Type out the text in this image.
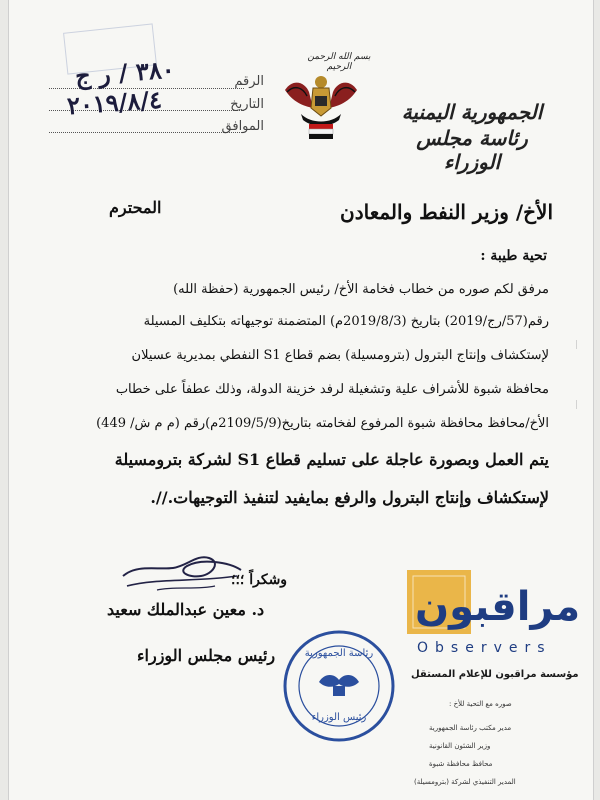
الجمهورية اليمنية
رئاسة مجلس الوزراء
بسم الله الرحمن الرحيم
الرقم
التاريخ
الموافق
٣٨٠ / ر ج
٢٠١٩/٨/٤
المحترم	الأخ/ وزير النفط والمعادن
تحية طيبة :
مرفق لكم صوره من خطاب فخامة الأخ/ رئيس الجمهورية (حفظة الله)
رقم(57/رج/2019) بتاريخ (2019/8/3م) المتضمنة توجيهاته بتكليف المسيلة
لإستكشاف وإنتاج البترول (بترومسيلة) بضم قطاع S1 النفطي بمديرية عسيلان
محافظة شبوة للأشراف علية وتشغيلة لرفد خزينة الدولة، وذلك عطفاً على خطاب
الأخ/محافظ محافظة شبوة المرفوع لفخامته بتاريخ(2109/5/9م)رقم (م م ش/ 449)
يتم العمل وبصورة عاجلة على تسليم قطاع S1 لشركة بترومسيلة
لإستكشاف وإنتاج البترول والرفع بمايفيد لتنفيذ التوجيهات.//.
|
|
وشكراً ؛؛؛
د. معين عبدالملك سعيد
رئيس مجلس الوزراء	رئاسة الجمهورية
رئيس الوزراء
مراقبون
Observers
مؤسسة مراقبون للإعلام المستقل
صوره مع التحية للأخ :
مدير مكتب رئاسة الجمهورية
وزير الشئون القانونية
محافظ محافظة شبوة
المدير التنفيذي لشركة (بترومسيلة)
